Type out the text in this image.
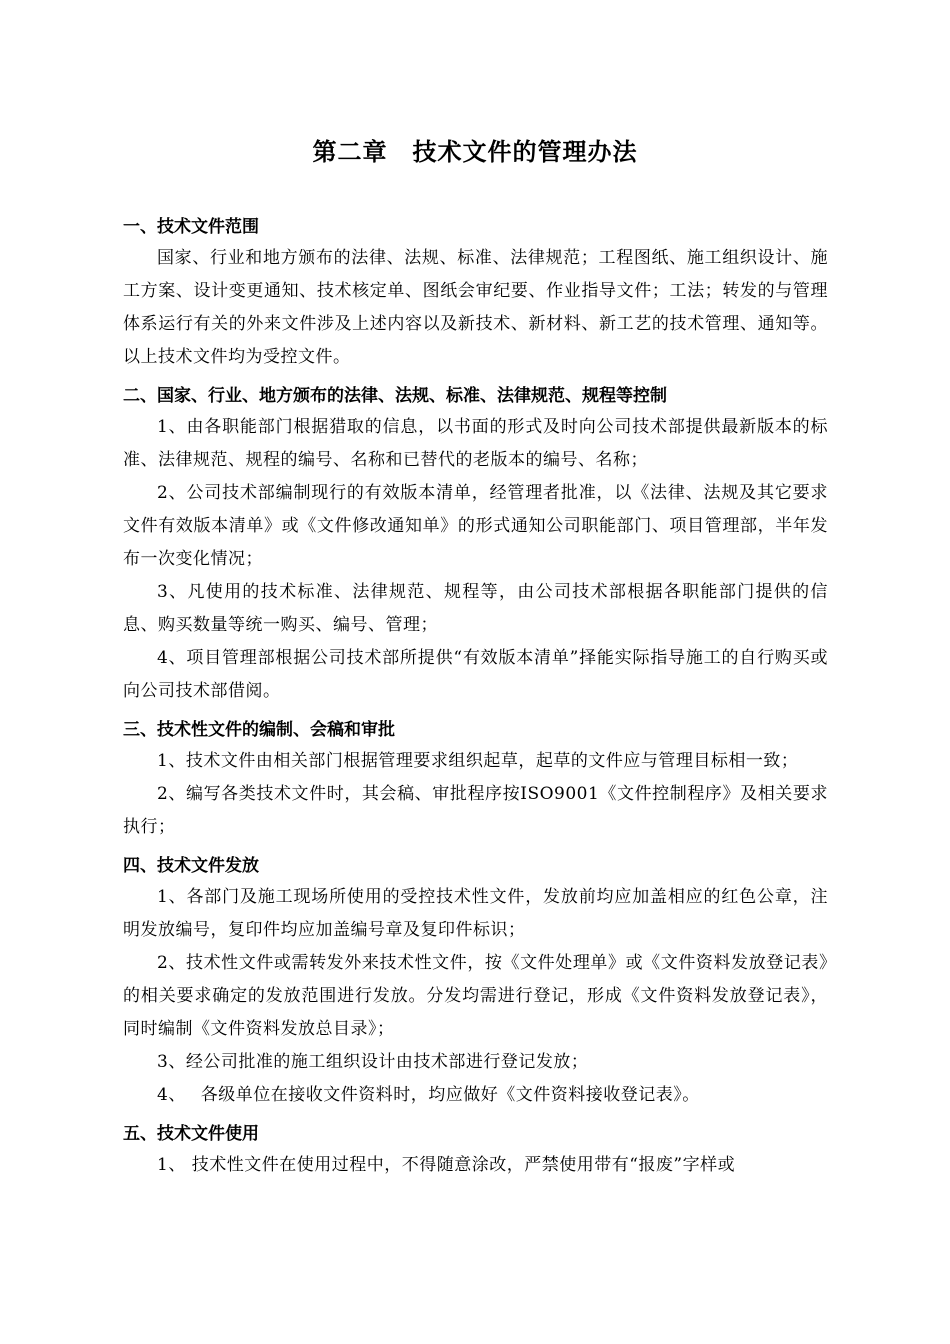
第二章　技术文件的管理办法
一、技术文件范围

国家、行业和地方颁布的法律、法规、标准、法律规范；工程图纸、施工组织设计、施工方案、设计变更通知、技术核定单、图纸会审纪要、作业指导文件；工法；转发的与管理体系运行有关的外来文件涉及上述内容以及新技术、新材料、新工艺的技术管理、通知等。以上技术文件均为受控文件。

二、国家、行业、地方颁布的法律、法规、标准、法律规范、规程等控制

1、由各职能部门根据猎取的信息，以书面的形式及时向公司技术部提供最新版本的标准、法律规范、规程的编号、名称和已替代的老版本的编号、名称；

2、公司技术部编制现行的有效版本清单，经管理者批准，以《法律、法规及其它要求文件有效版本清单》或《文件修改通知单》的形式通知公司职能部门、项目管理部，半年发布一次变化情况；

3、凡使用的技术标准、法律规范、规程等，由公司技术部根据各职能部门提供的信息、购买数量等统一购买、编号、管理；

4、项目管理部根据公司技术部所提供“有效版本清单”择能实际指导施工的自行购买或向公司技术部借阅。

三、技术性文件的编制、会稿和审批

1、技术文件由相关部门根据管理要求组织起草，起草的文件应与管理目标相一致；

2、编写各类技术文件时，其会稿、审批程序按ISO9001《文件控制程序》及相关要求执行；

四、技术文件发放

1、各部门及施工现场所使用的受控技术性文件，发放前均应加盖相应的红色公章，注明发放编号，复印件均应加盖编号章及复印件标识；

2、技术性文件或需转发外来技术性文件，按《文件处理单》或《文件资料发放登记表》的相关要求确定的发放范围进行发放。分发均需进行登记，形成《文件资料发放登记表》，同时编制《文件资料发放总目录》；

3、经公司批准的施工组织设计由技术部进行登记发放；

4、　 各级单位在接收文件资料时，均应做好《文件资料接收登记表》。

五、技术文件使用

1、 技术性文件在使用过程中，不得随意涂改，严禁使用带有“报废”字样或
